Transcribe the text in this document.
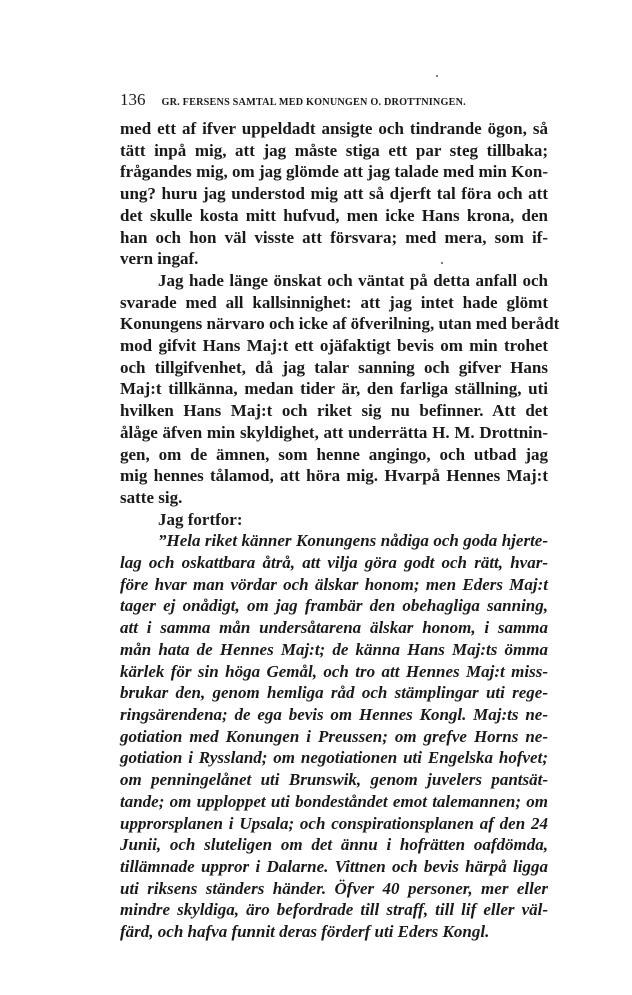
136 GR. FERSENS SAMTAL MED KONUNGEN O. DROTTNINGEN.
med ett af ifver uppeldadt ansigte och tindrande ögon, så
tätt inpå mig, att jag måste stiga ett par steg tillbaka;
frågandes mig, om jag glömde att jag talade med min Kon-
ung? huru jag understod mig att så djerft tal föra och att
det skulle kosta mitt hufvud, men icke Hans krona, den
han och hon väl visste att försvara; med mera, som if-
vern ingaf.
Jag hade länge önskat och väntat på detta anfall och
svarade med all kallsinnighet: att jag intet hade glömt
Konungens närvaro och icke af öfverilning, utan med berådt
mod gifvit Hans Maj:t ett ojäfaktigt bevis om min trohet
och tillgifvenhet, då jag talar sanning och gifver Hans
Maj:t tillkänna, medan tider är, den farliga ställning, uti
hvilken Hans Maj:t och riket sig nu befinner. Att det
ålåge äfven min skyldighet, att underrätta H. M. Drottnin-
gen, om de ämnen, som henne angingo, och utbad jag
mig hennes tålamod, att höra mig. Hvarpå Hennes Maj:t
satte sig.
Jag fortfor:
”Hela riket känner Konungens nådiga och goda hjerte-
lag och oskattbara åtrå, att vilja göra godt och rätt, hvar-
före hvar man vördar och älskar honom; men Eders Maj:t
tager ej onådigt, om jag frambär den obehagliga sanning,
att i samma mån undersåtarena älskar honom, i samma
mån hata de Hennes Maj:t; de känna Hans Maj:ts ömma
kärlek för sin höga Gemål, och tro att Hennes Maj:t miss-
brukar den, genom hemliga råd och stämplingar uti rege-
ringsärendena; de ega bevis om Hennes Kongl. Maj:ts ne-
gotiation med Konungen i Preussen; om grefve Horns ne-
gotiation i Ryssland; om negotiationen uti Engelska hofvet;
om penningelånet uti Brunswik, genom juvelers pantsät-
tande; om upploppet uti bondeståndet emot talemannen; om
upprorsplanen i Upsala; och conspirationsplanen af den 24
Junii, och sluteligen om det ännu i hofrätten oafdömda,
tillämnade uppror i Dalarne. Vittnen och bevis härpå ligga
uti riksens ständers händer. Öfver 40 personer, mer eller
mindre skyldiga, äro befordrade till straff, till lif eller väl-
färd, och hafva funnit deras förderf uti Eders Kongl.
